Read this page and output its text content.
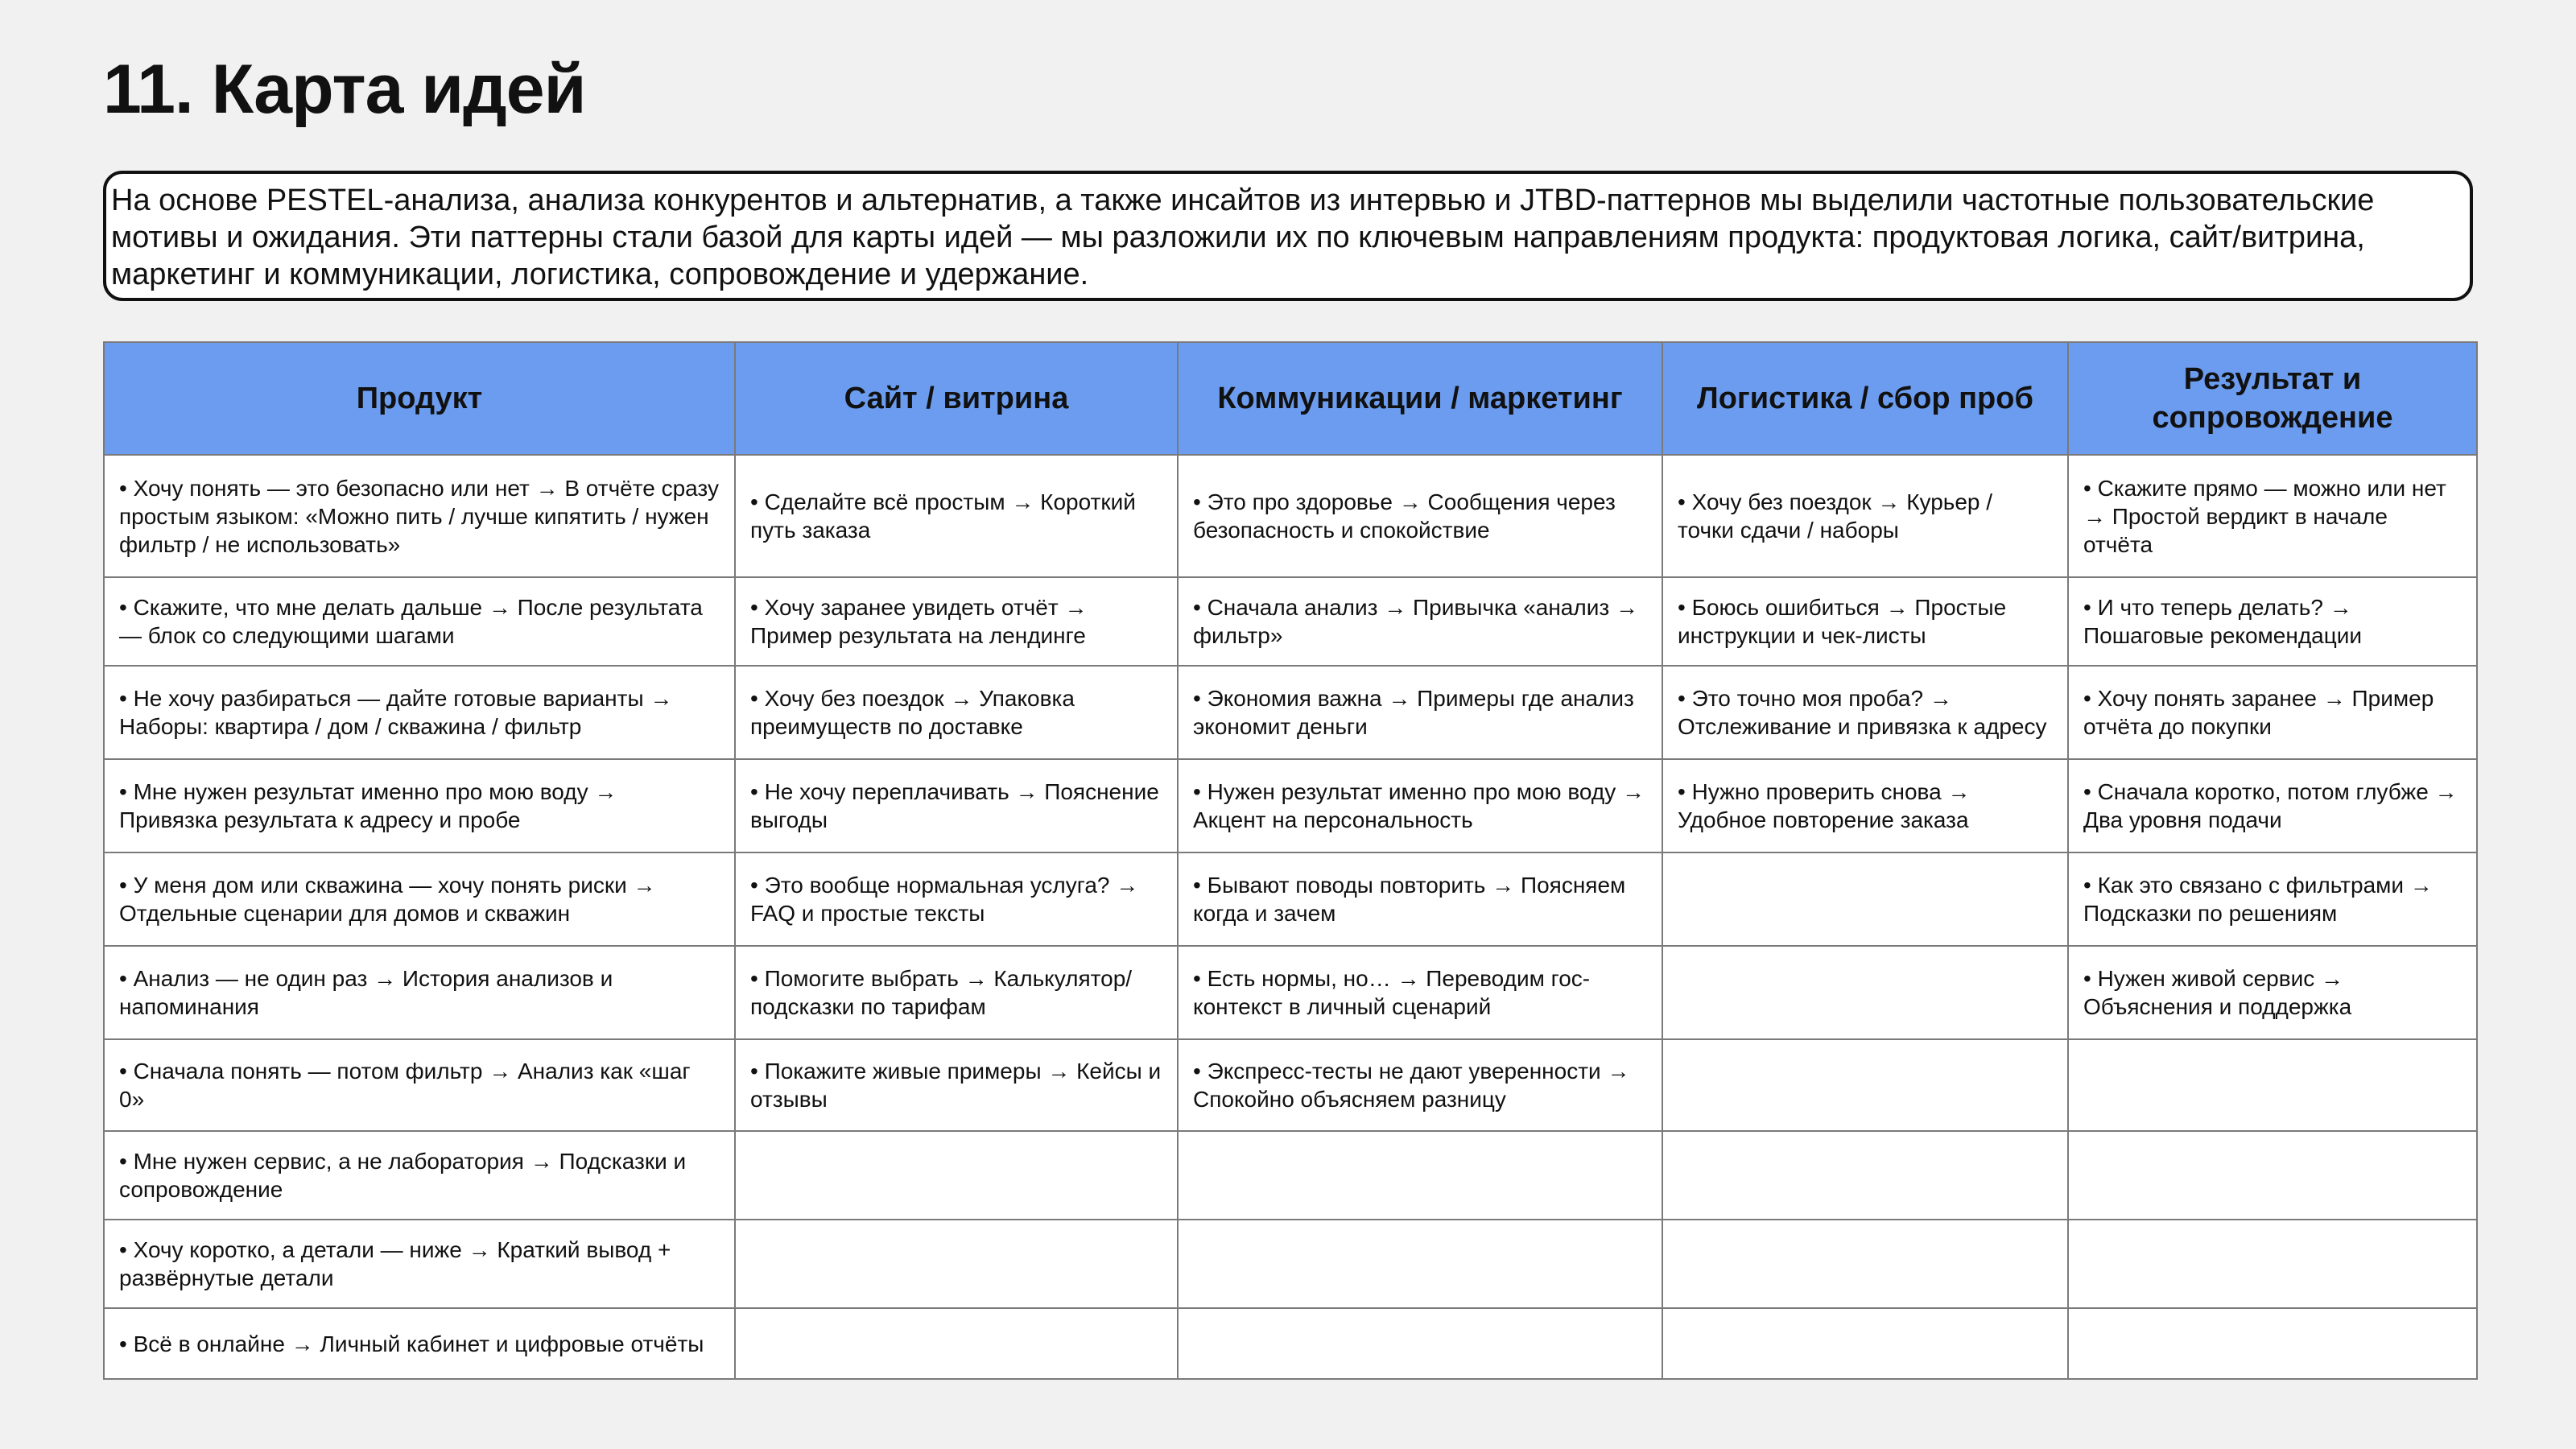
11. Карта идей
На основе PESTEL-анализа, анализа конкурентов и альтернатив, а также инсайтов из интервью и JTBD-паттернов мы выделили частотные пользовательские мотивы и ожидания. Эти паттерны стали базой для карты идей — мы разложили их по ключевым направлениям продукта: продуктовая логика, сайт/витрина, маркетинг и коммуникации, логистика, сопровождение и удержание.
Продукт	Сайт / витрина	Коммуникации / маркетинг	Логистика / сбор проб	Результат и сопровождение
• Хочу понять — это безопасно или нет → В отчёте сразу простым языком: «Можно пить / лучше кипятить / нужен фильтр / не использовать»	• Сделайте всё простым → Короткий путь заказа	• Это про здоровье → Сообщения через безопасность и спокойствие	• Хочу без поездок → Курьер / точки сдачи / наборы	• Скажите прямо — можно или нет → Простой вердикт в начале отчёта
• Скажите, что мне делать дальше → После результата — блок со следующими шагами	• Хочу заранее увидеть отчёт → Пример результата на лендинге	• Сначала анализ → Привычка «анализ → фильтр»	• Боюсь ошибиться → Простые инструкции и чек-листы	• И что теперь делать? → Пошаговые рекомендации
• Не хочу разбираться — дайте готовые варианты → Наборы: квартира / дом / скважина / фильтр	• Хочу без поездок → Упаковка преимуществ по доставке	• Экономия важна → Примеры где анализ экономит деньги	• Это точно моя проба? → Отслеживание и привязка к адресу	• Хочу понять заранее → Пример отчёта до покупки
• Мне нужен результат именно про мою воду → Привязка результата к адресу и пробе	• Не хочу переплачивать → Пояснение выгоды	• Нужен результат именно про мою воду → Акцент на персональность	• Нужно проверить снова → Удобное повторение заказа	• Сначала коротко, потом глубже → Два уровня подачи
• У меня дом или скважина — хочу понять риски → Отдельные сценарии для домов и скважин	• Это вообще нормальная услуга? → FAQ и простые тексты	• Бывают поводы повторить → Поясняем когда и зачем		• Как это связано с фильтрами → Подсказки по решениям
• Анализ — не один раз → История анализов и напоминания	• Помогите выбрать → Калькулятор/ подсказки по тарифам	• Есть нормы, но… → Переводим гос-контекст в личный сценарий		• Нужен живой сервис → Объяснения и поддержка
• Сначала понять — потом фильтр → Анализ как «шаг 0»	• Покажите живые примеры → Кейсы и отзывы	• Экспресс-тесты не дают уверенности → Спокойно объясняем разницу		
• Мне нужен сервис, а не лаборатория → Подсказки и сопровождение				
• Хочу коротко, а детали — ниже → Краткий вывод + развёрнутые детали				
• Всё в онлайне → Личный кабинет и цифровые отчёты				
